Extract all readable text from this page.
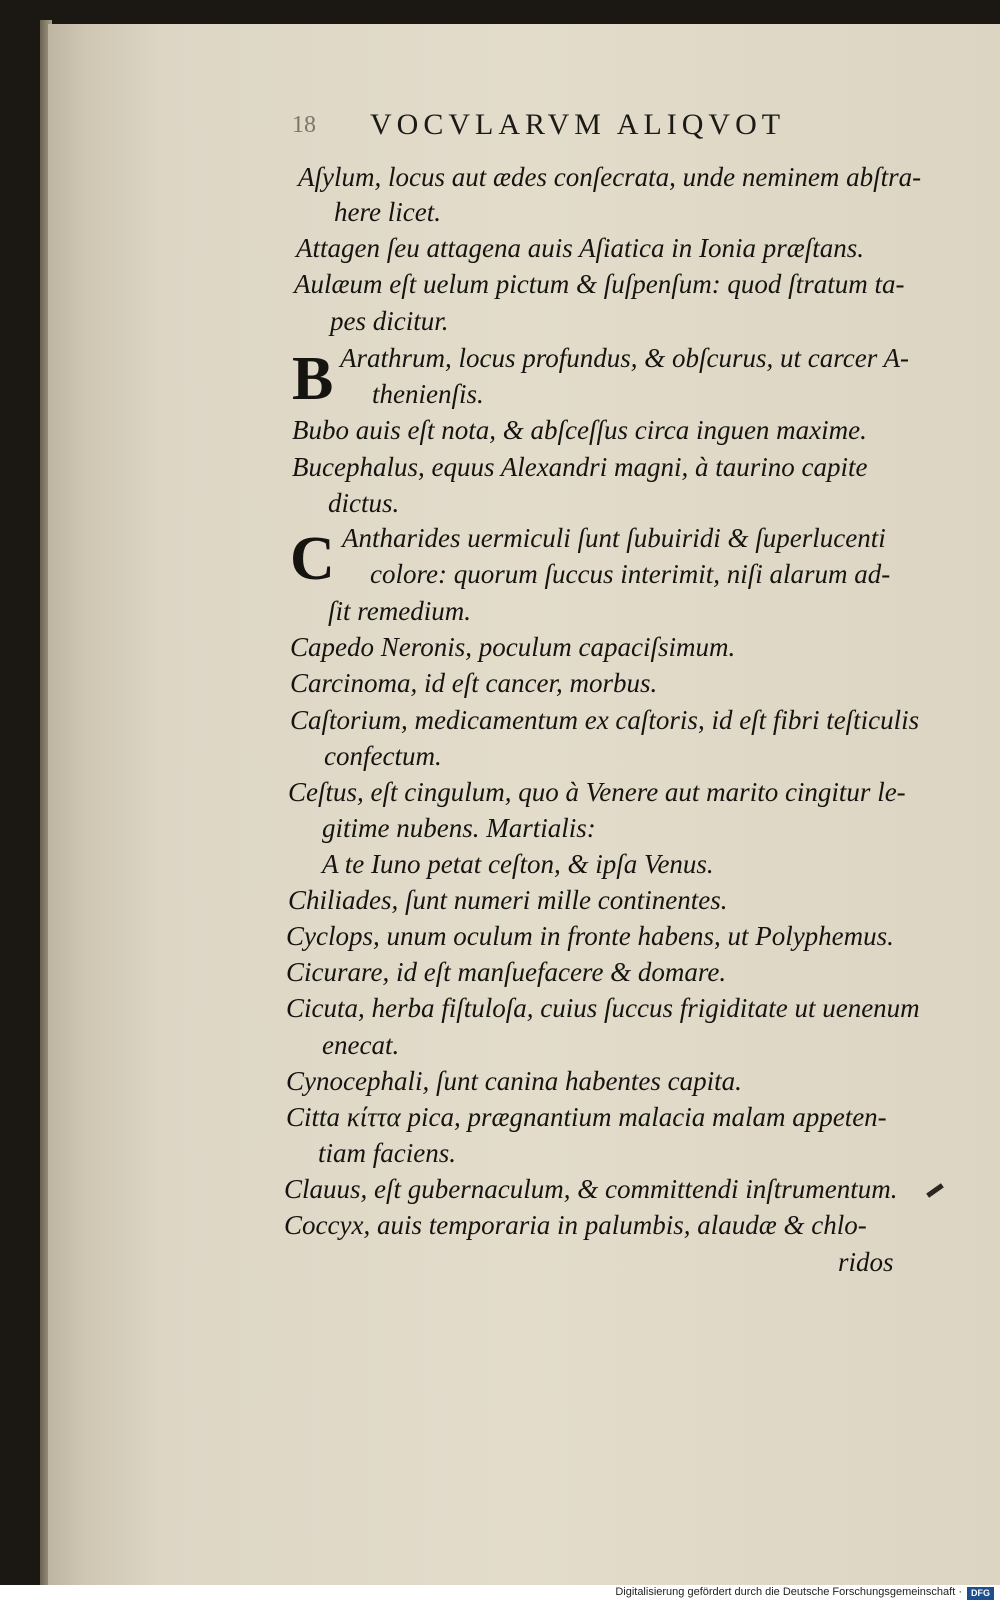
18 VOCVLARVM ALIQVOT
Aſylum, locus aut ædes conſecrata, unde neminem abſtra-
here licet.
Attagen ſeu attagena auis Aſiatica in Ionia præſtans.
Aulæum eſt uelum pictum & ſuſpenſum: quod ſtratum ta-
pes dicitur.
B Arathrum, locus profundus, & obſcurus, ut carcer A-
thenienſis.
Bubo auis eſt nota, & abſceſſus circa inguen maxime.
Bucephalus, equus Alexandri magni, à taurino capite
dictus.
C Antharides uermiculi ſunt ſubuiridi & ſuperlucenti
colore: quorum ſuccus interimit, niſi alarum ad-
ſit remedium.
Capedo Neronis, poculum capaciſsimum.
Carcinoma, id eſt cancer, morbus.
Caſtorium, medicamentum ex caſtoris, id eſt fibri teſticulis
confectum.
Ceſtus, eſt cingulum, quo à Venere aut marito cingitur le-
gitime nubens. Martialis:
A te Iuno petat ceſton, & ipſa Venus.
Chiliades, ſunt numeri mille continentes.
Cyclops, unum oculum in fronte habens, ut Polyphemus.
Cicurare, id eſt manſuefacere & domare.
Cicuta, herba fiſtuloſa, cuius ſuccus frigiditate ut uenenum
enecat.
Cynocephali, ſunt canina habentes capita.
Citta κίττα pica, prægnantium malacia malam appeten-
tiam faciens.
Clauus, eſt gubernaculum, & committendi inſtrumentum.
Coccyx, auis temporaria in palumbis, alaudæ & chlo-
ridos
Digitalisierung gefördert durch die Deutsche Forschungsgemeinschaft ·	DFG
